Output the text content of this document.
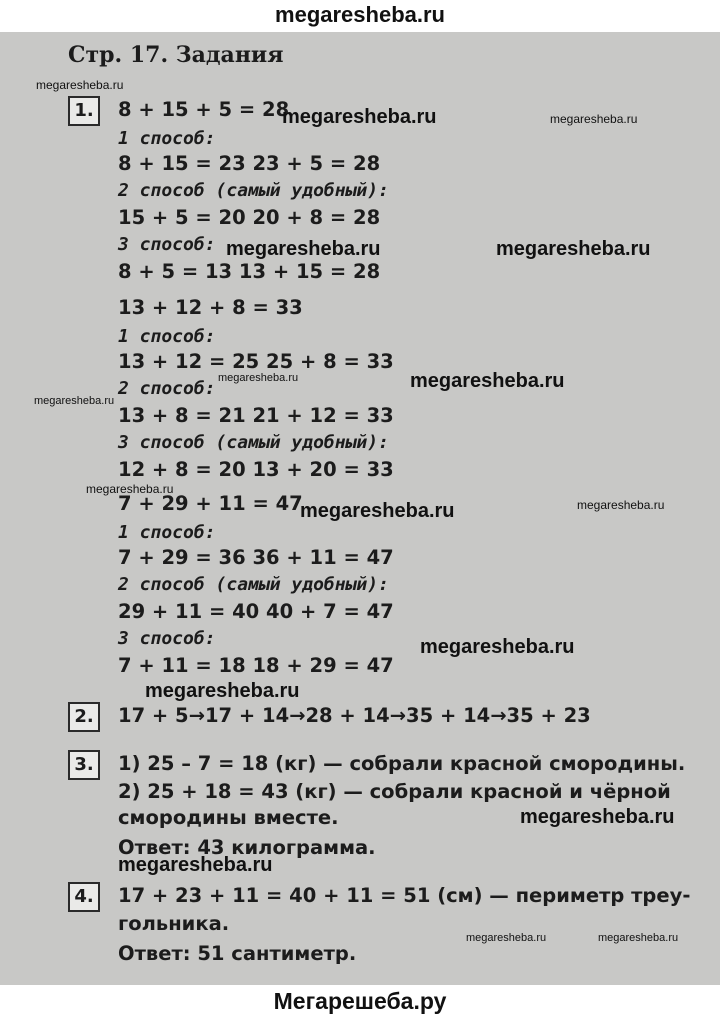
megaresheba.ru
Стр. 17. Задания
1.
2.
3.
4.
8 + 15 + 5 = 28
1 способ:
8 + 15 = 23 23 + 5 = 28
2 способ (самый удобный):
15 + 5 = 20 20 + 8 = 28
3 способ:
8 + 5 = 13 13 + 15 = 28
13 + 12 + 8 = 33
1 способ:
13 + 12 = 25 25 + 8 = 33
2 способ:
13 + 8 = 21 21 + 12 = 33
3 способ (самый удобный):
12 + 8 = 20 13 + 20 = 33
7 + 29 + 11 = 47
1 способ:
7 + 29 = 36 36 + 11 = 47
2 способ (самый удобный):
29 + 11 = 40 40 + 7 = 47
3 способ:
7 + 11 = 18 18 + 29 = 47
17 + 5→17 + 14→28 + 14→35 + 14→35 + 23
1) 25 – 7 = 18 (кг) — собрали красной смородины.
2) 25 + 18 = 43 (кг) — собрали красной и чёрной
смородины вместе.
Ответ: 43 килограмма.
17 + 23 + 11 = 40 + 11 = 51 (см) — периметр треу-
гольника.
Ответ: 51 сантиметр.
megaresheba.ru
megaresheba.ru	megaresheba.ru
megaresheba.ru	megaresheba.ru
megaresheba.ru	megaresheba.ru
megaresheba.ru
megaresheba.ru
megaresheba.ru	megaresheba.ru
megaresheba.ru
megaresheba.ru
megaresheba.ru
megaresheba.ru
megaresheba.ru	megaresheba.ru
Мегарешеба.ру
